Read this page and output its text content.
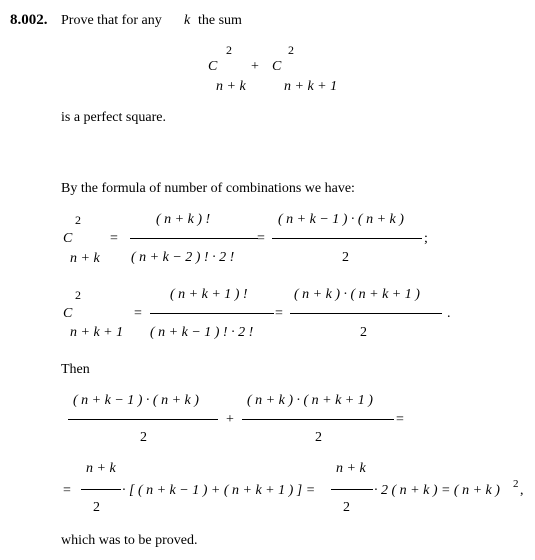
8.002. Prove that for any k the sum
2
C
n + k
+
2
C
n + k + 1
is a perfect square.
By the formula of number of combinations we have:
2
C
n + k
=
( n + k ) !
( n + k − 2 ) ! · 2 !
=
( n + k − 1 ) · ( n + k )
2
;
2
C
n + k + 1
=
( n + k + 1 ) !
( n + k − 1 ) ! · 2 !
=
( n + k ) · ( n + k + 1 )
2
.
Then
( n + k − 1 ) · ( n + k )
2
+
( n + k ) · ( n + k + 1 )
2
=
=
n + k
2
· [ ( n + k − 1 ) + ( n + k + 1 ) ] =
n + k
2
· 2 ( n + k ) = ( n + k ) 2 ,
which was to be proved.
